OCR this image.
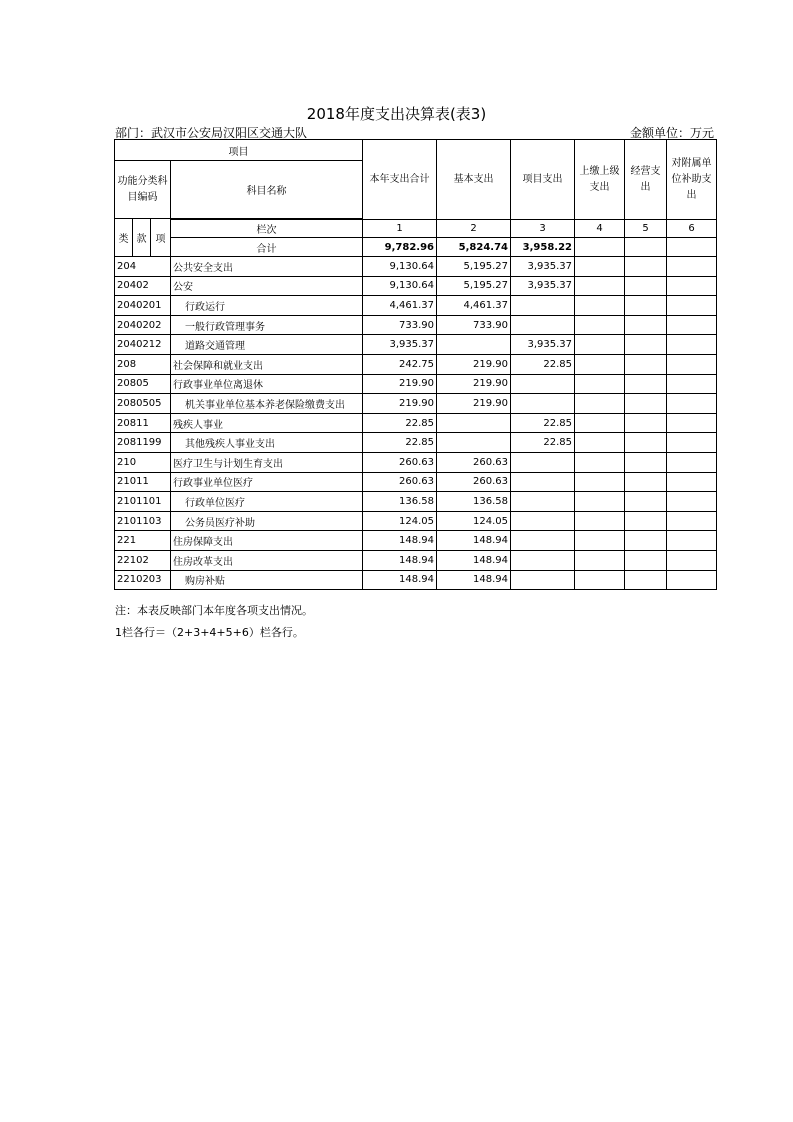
2018年度支出决算表(表3)
部门：武汉市公安局汉阳区交通大队	金额单位：万元
项目				本年支出合计	基本支出	项目支出	上缴上级支出	经营支出	对附属单位补助支出
功能分类科目编码			科目名称						
类	款	项							
			栏次	1	2	3	4	5	6
			合计	9,782.96	5,824.74	3,958.22			
204			公共安全支出	9,130.64	5,195.27	3,935.37			
20402			公安	9,130.64	5,195.27	3,935.37			
2040201			行政运行	4,461.37	4,461.37				
2040202			一般行政管理事务	733.90	733.90				
2040212			道路交通管理	3,935.37		3,935.37			
208			社会保障和就业支出	242.75	219.90	22.85			
20805			行政事业单位离退休	219.90	219.90				
2080505			机关事业单位基本养老保险缴费支出	219.90	219.90				
20811			残疾人事业	22.85		22.85			
2081199			其他残疾人事业支出	22.85		22.85			
210			医疗卫生与计划生育支出	260.63	260.63				
21011			行政事业单位医疗	260.63	260.63				
2101101			行政单位医疗	136.58	136.58				
2101103			公务员医疗补助	124.05	124.05				
221			住房保障支出	148.94	148.94				
22102			住房改革支出	148.94	148.94				
2210203			购房补贴	148.94	148.94				
注：本表反映部门本年度各项支出情况。
1栏各行＝（2+3+4+5+6）栏各行。
